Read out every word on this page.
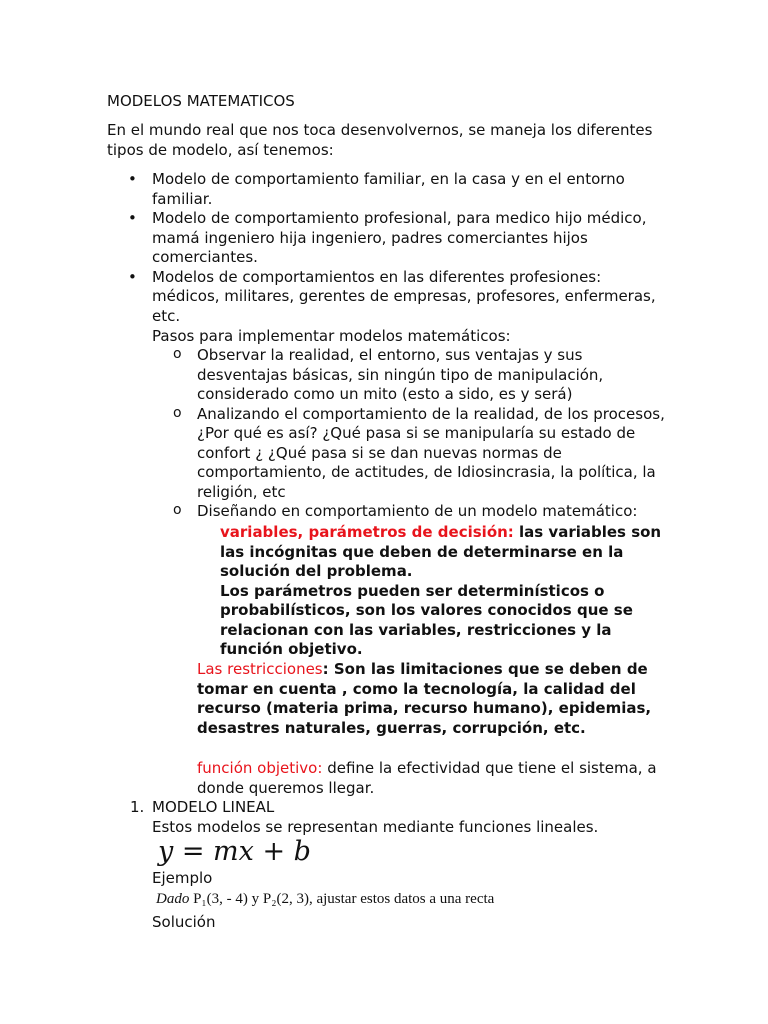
MODELOS MATEMATICOS

En el mundo real que nos toca desenvolvernos, se maneja los diferentes tipos de modelo, así tenemos:

• Modelo de comportamiento familiar, en la casa y en el entorno familiar.
• Modelo de comportamiento profesional, para medico hijo médico, mamá ingeniero hija ingeniero, padres comerciantes hijos comerciantes.
• Modelos de comportamientos en las diferentes profesiones: médicos, militares, gerentes de empresas, profesores, enfermeras, etc.

Pasos para implementar modelos matemáticos:

o Observar la realidad, el entorno, sus ventajas y sus desventajas básicas, sin ningún tipo de manipulación, considerado como un mito (esto a sido, es y será)
o Analizando el comportamiento de la realidad, de los procesos, ¿Por qué es así? ¿Qué pasa si se manipularía su estado de confort ¿ ¿Qué pasa si se dan nuevas normas de comportamiento, de actitudes, de Idiosincrasia, la política, la religión, etc
o Diseñando en comportamiento de un modelo matemático:
variables, parámetros de decisión: las variables son las incógnitas que deben de determinarse en la solución del problema.
Los parámetros pueden ser determinísticos o probabilísticos, son los valores conocidos que se relacionan con las variables, restricciones y la función objetivo.
Las restricciones: Son las limitaciones que se deben de tomar en cuenta , como la tecnología, la calidad del recurso (materia prima, recurso humano), epidemias, desastres naturales, guerras, corrupción, etc.
función objetivo: define la efectividad que tiene el sistema, a donde queremos llegar.
1. MODELO LINEAL

Estos modelos se representan mediante funciones lineales.

y = mx + b

Ejemplo

Dado P₁(3, - 4) y P₂(2, 3), ajustar estos datos a una recta

Solución
